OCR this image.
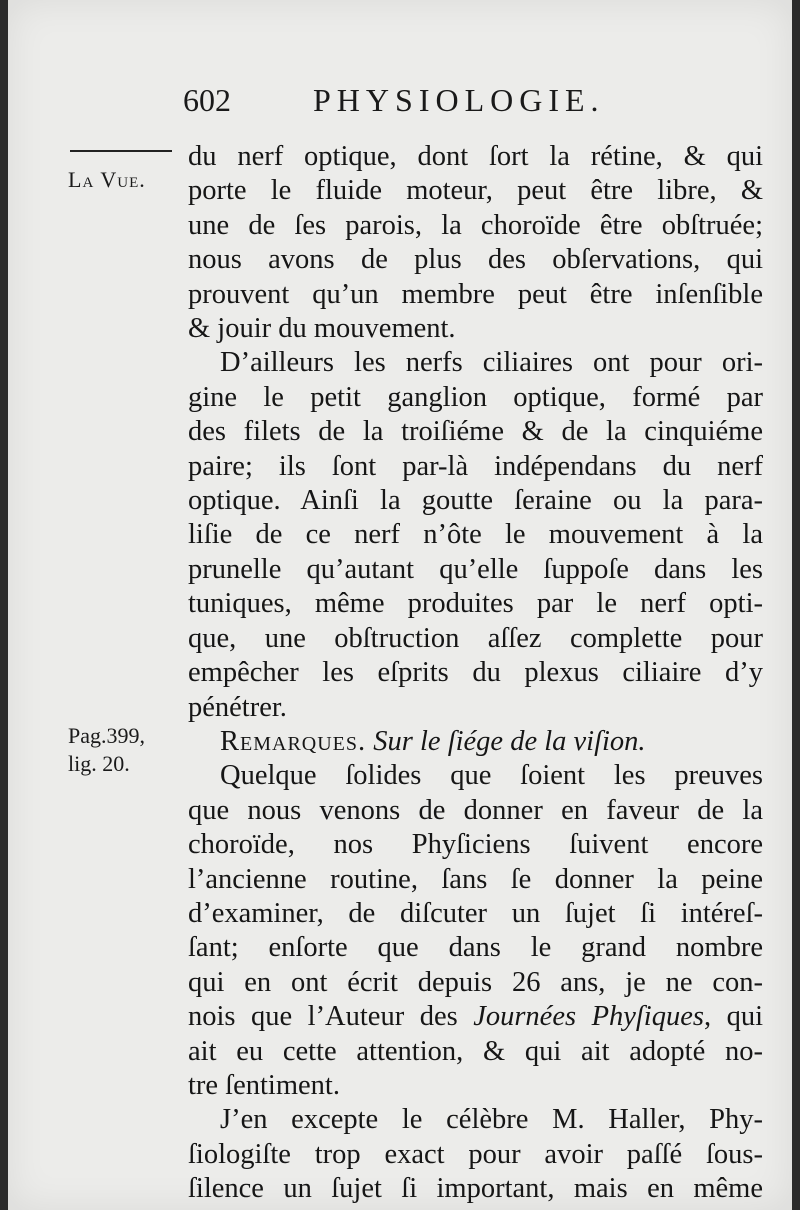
602	PHYSIOLOGIE.
La Vue.
Pag.399,
lig. 20.
du nerf optique, dont ſort la rétine, & qui
porte le fluide moteur, peut être libre, &
une de ſes parois, la choroïde être obſtruée;
nous avons de plus des obſervations, qui
prouvent qu’un membre peut être inſenſible
& jouir du mouvement.
D’ailleurs les nerfs ciliaires ont pour ori-
gine le petit ganglion optique, formé par
des filets de la troiſiéme & de la cinquiéme
paire; ils ſont par-là indépendans du nerf
optique. Ainſi la goutte ſeraine ou la para-
liſie de ce nerf n’ôte le mouvement à la
prunelle qu’autant qu’elle ſuppoſe dans les
tuniques, même produites par le nerf opti-
que, une obſtruction aſſez complette pour
empêcher les eſprits du plexus ciliaire d’y
pénétrer.
Remarques. Sur le ſiége de la viſion.
Quelque ſolides que ſoient les preuves
que nous venons de donner en faveur de la
choroïde, nos Phyſiciens ſuivent encore
l’ancienne routine, ſans ſe donner la peine
d’examiner, de diſcuter un ſujet ſi intéreſ-
ſant; enſorte que dans le grand nombre
qui en ont écrit depuis 26 ans, je ne con-
nois que l’Auteur des Journées Phyſiques, qui
ait eu cette attention, & qui ait adopté no-
tre ſentiment.
J’en excepte le célèbre M. Haller, Phy-
ſiologiſte trop exact pour avoir paſſé ſous-
ſilence un ſujet ſi important, mais en même
